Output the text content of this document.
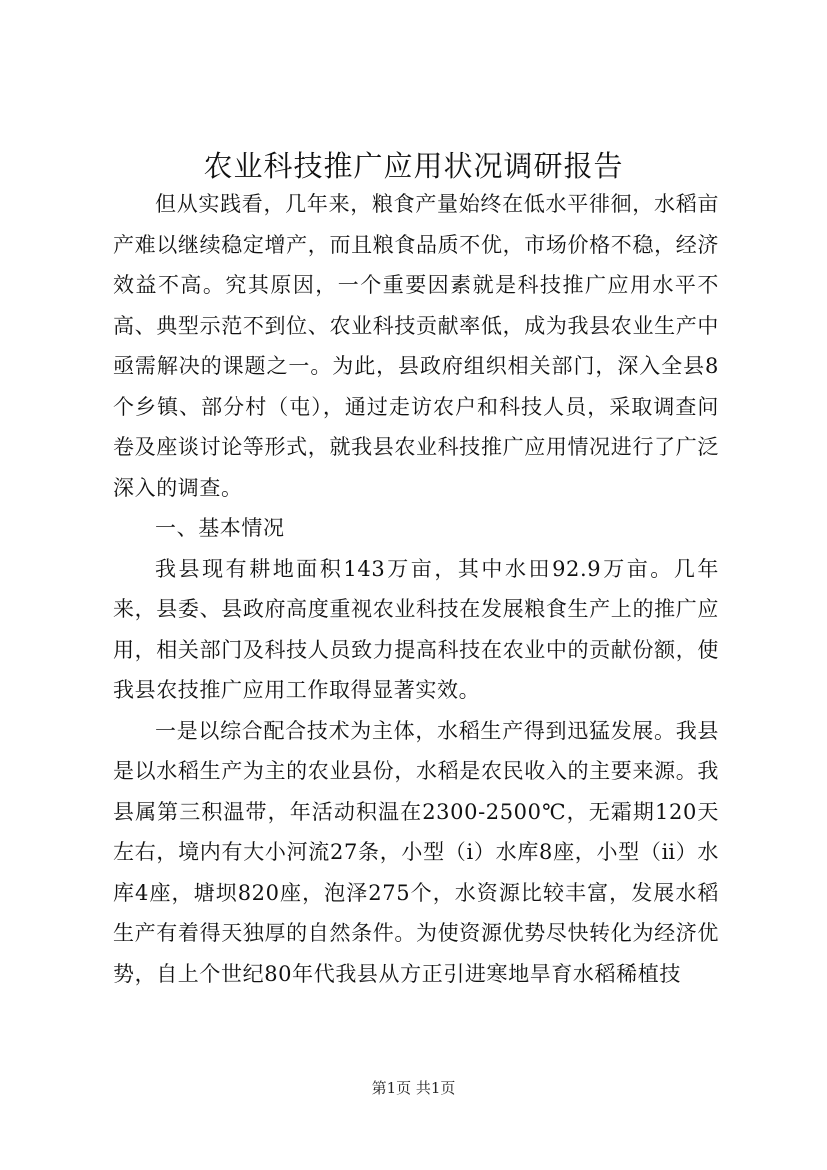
农业科技推广应用状况调研报告

但从实践看，几年来，粮食产量始终在低水平徘徊，水稻亩产难以继续稳定增产，而且粮食品质不优，市场价格不稳，经济效益不高。究其原因，一个重要因素就是科技推广应用水平不高、典型示范不到位、农业科技贡献率低，成为我县农业生产中亟需解决的课题之一。为此，县政府组织相关部门，深入全县8个乡镇、部分村（屯），通过走访农户和科技人员，采取调查问卷及座谈讨论等形式，就我县农业科技推广应用情况进行了广泛深入的调查。

一、基本情况

我县现有耕地面积143万亩，其中水田92.9万亩。几年来，县委、县政府高度重视农业科技在发展粮食生产上的推广应用，相关部门及科技人员致力提高科技在农业中的贡献份额，使我县农技推广应用工作取得显著实效。

一是以综合配合技术为主体，水稻生产得到迅猛发展。我县是以水稻生产为主的农业县份，水稻是农民收入的主要来源。我县属第三积温带，年活动积温在2300-2500℃，无霜期120天左右，境内有大小河流27条，小型（ⅰ）水库8座，小型（ⅱ）水库4座，塘坝820座，泡泽275个，水资源比较丰富，发展水稻生产有着得天独厚的自然条件。为使资源优势尽快转化为经济优势，自上个世纪80年代我县从方正引进寒地旱育水稻稀植技

第1页 共1页
